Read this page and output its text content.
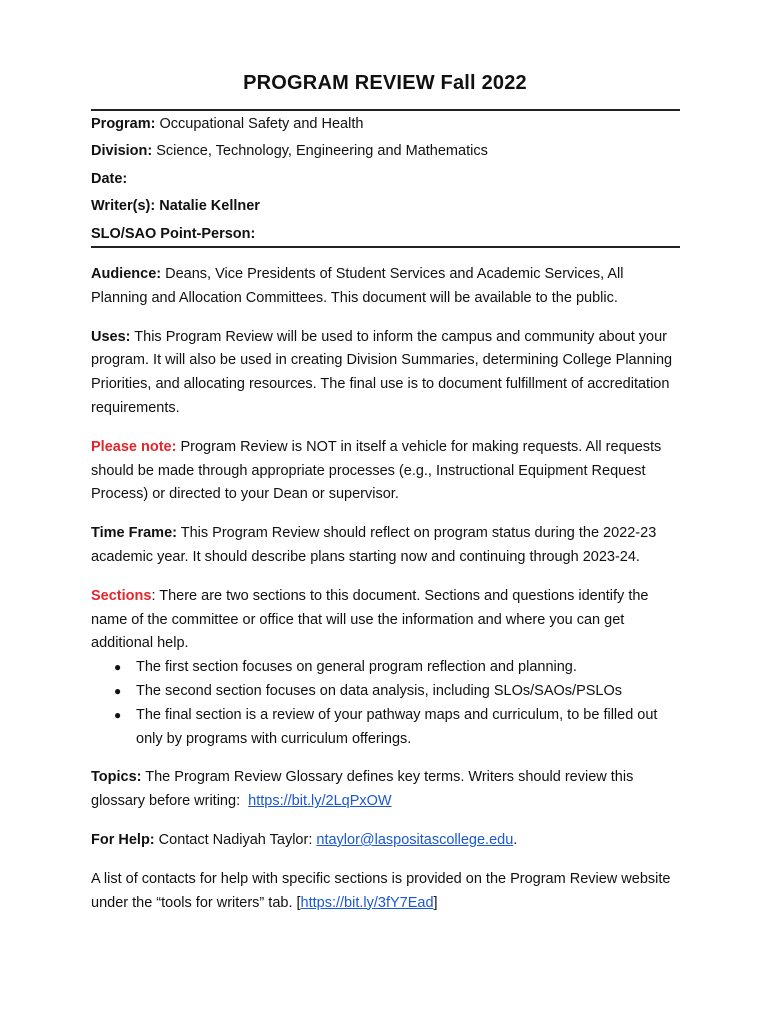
PROGRAM REVIEW Fall 2022
Program: Occupational Safety and Health
Division: Science, Technology, Engineering and Mathematics
Date:
Writer(s): Natalie Kellner
SLO/SAO Point-Person:

Audience: Deans, Vice Presidents of Student Services and Academic Services, All Planning and Allocation Committees. This document will be available to the public.

Uses: This Program Review will be used to inform the campus and community about your program. It will also be used in creating Division Summaries, determining College Planning Priorities, and allocating resources. The final use is to document fulfillment of accreditation requirements.

Please note: Program Review is NOT in itself a vehicle for making requests. All requests should be made through appropriate processes (e.g., Instructional Equipment Request Process) or directed to your Dean or supervisor.

Time Frame: This Program Review should reflect on program status during the 2022-23 academic year. It should describe plans starting now and continuing through 2023-24.

Sections: There are two sections to this document. Sections and questions identify the name of the committee or office that will use the information and where you can get additional help.
● The first section focuses on general program reflection and planning.
● The second section focuses on data analysis, including SLOs/SAOs/PSLOs
● The final section is a review of your pathway maps and curriculum, to be filled out only by programs with curriculum offerings.

Topics: The Program Review Glossary defines key terms. Writers should review this glossary before writing: https://bit.ly/2LqPxOW

For Help: Contact Nadiyah Taylor: ntaylor@laspositascollege.edu.

A list of contacts for help with specific sections is provided on the Program Review website under the “tools for writers” tab. [https://bit.ly/3fY7Ead]
